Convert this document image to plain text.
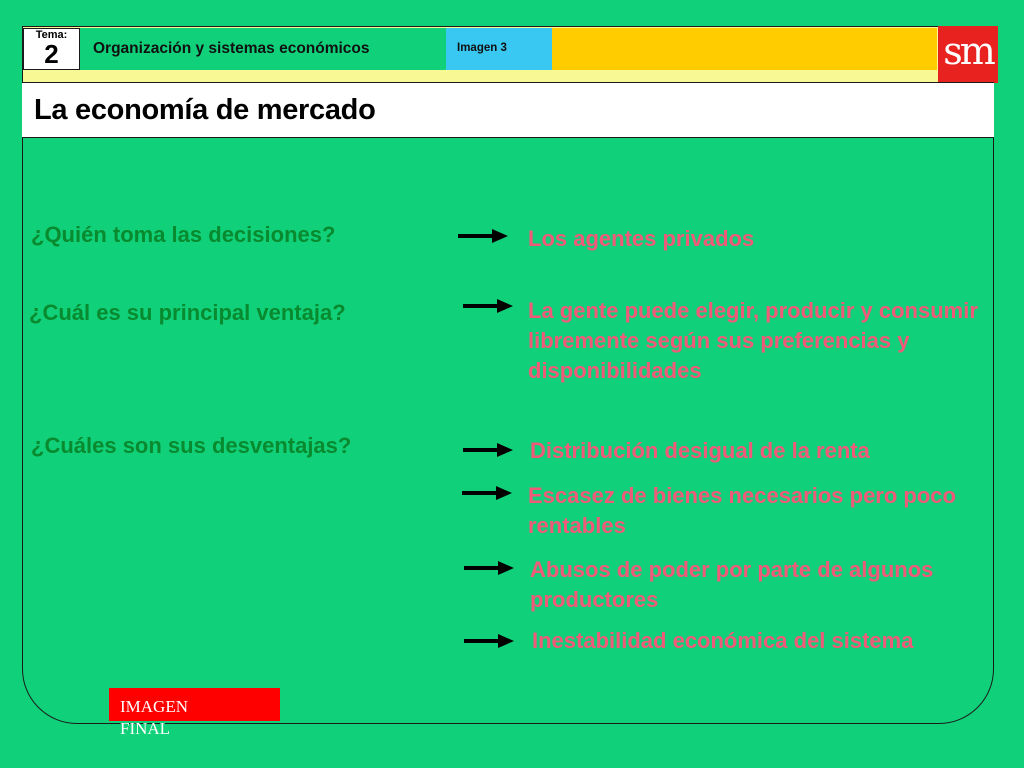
Tema:
2	Organización y sistemas económicos	Imagen 3	sm
La economía de mercado
¿Quién toma las decisiones?
¿Cuál es su principal ventaja?
¿Cuáles son sus desventajas?
Los agentes privados
La gente puede elegir, producir y consumir libremente según sus preferencias y disponibilidades
Distribución desigual de la renta
Escasez de bienes necesarios pero poco rentables
Abusos de poder por parte de algunos productores
Inestabilidad económica del sistema
IMAGEN FINAL
